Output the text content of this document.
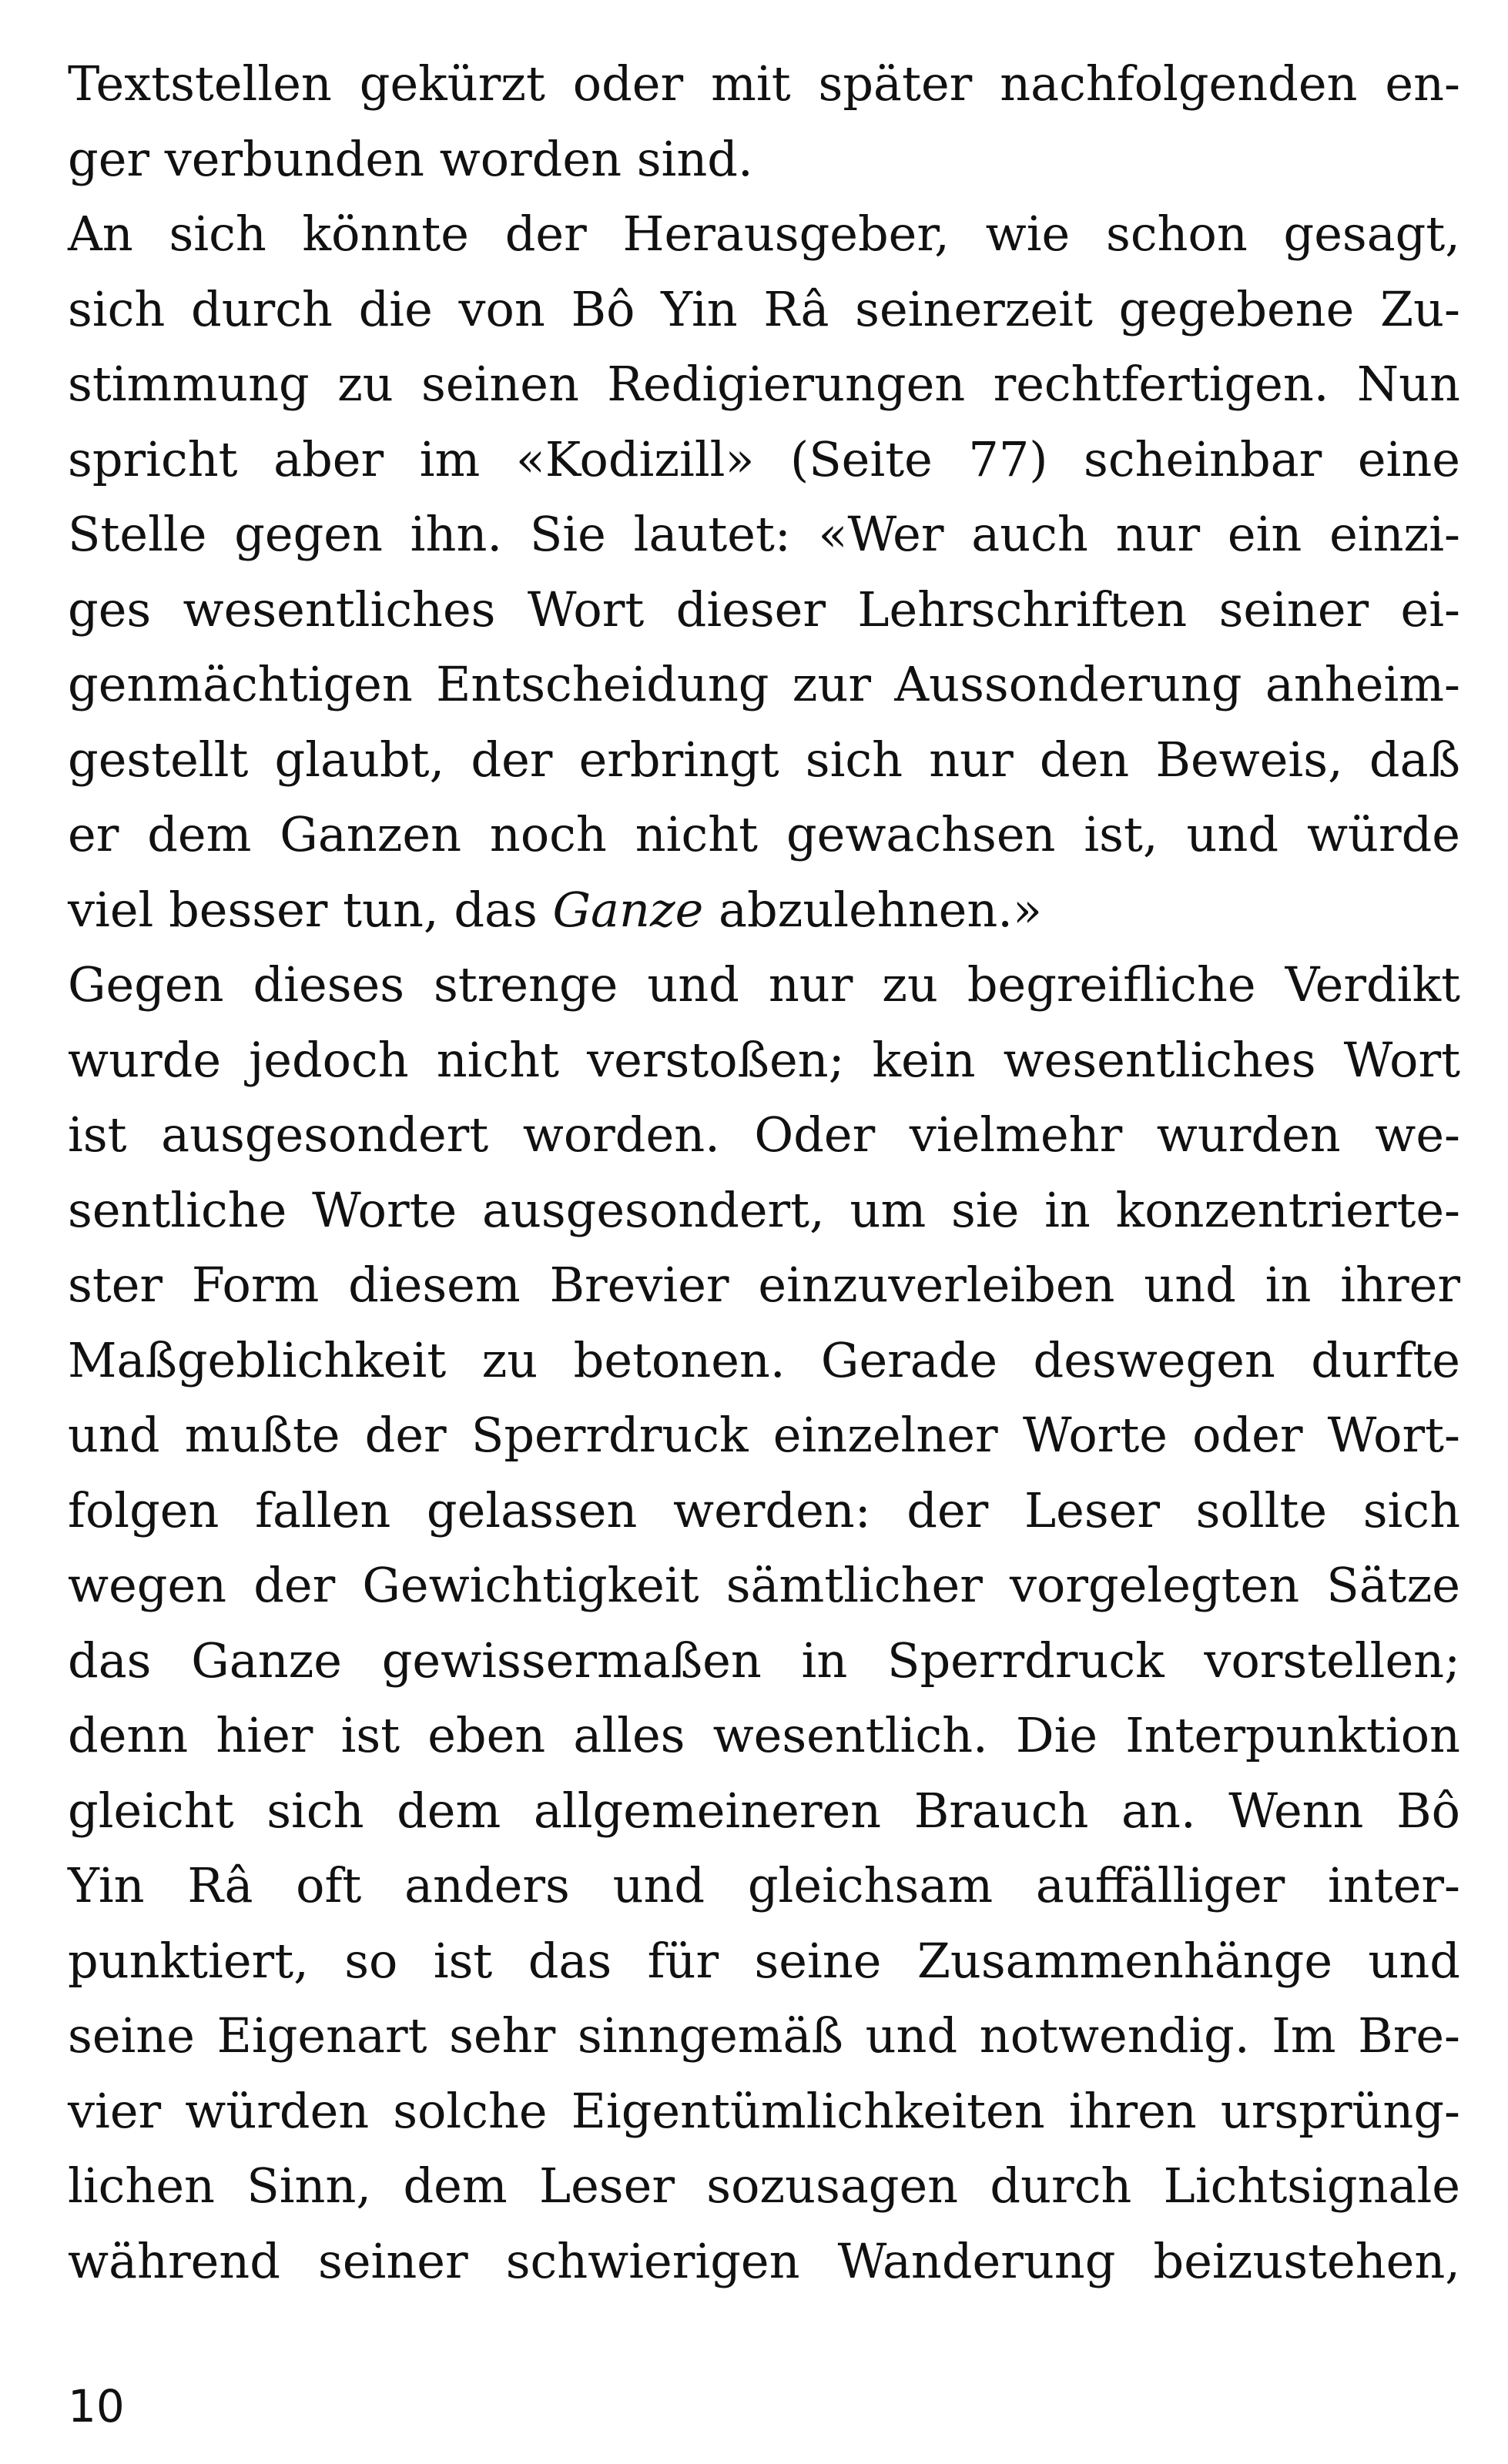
Textstellen gekürzt oder mit später nachfolgenden en-
ger verbunden worden sind.
An sich könnte der Herausgeber, wie schon gesagt,
sich durch die von Bô Yin Râ seinerzeit gegebene Zu-
stimmung zu seinen Redigierungen rechtfertigen. Nun
spricht aber im «Kodizill» (Seite 77) scheinbar eine
Stelle gegen ihn. Sie lautet: «Wer auch nur ein einzi-
ges wesentliches Wort dieser Lehrschriften seiner ei-
genmächtigen Entscheidung zur Aussonderung anheim-
gestellt glaubt, der erbringt sich nur den Beweis, daß
er dem Ganzen noch nicht gewachsen ist, und würde
viel besser tun, das Ganze abzulehnen.»
Gegen dieses strenge und nur zu begreifliche Verdikt
wurde jedoch nicht verstoßen; kein wesentliches Wort
ist ausgesondert worden. Oder vielmehr wurden we-
sentliche Worte ausgesondert, um sie in konzentrierte-
ster Form diesem Brevier einzuverleiben und in ihrer
Maßgeblichkeit zu betonen. Gerade deswegen durfte
und mußte der Sperrdruck einzelner Worte oder Wort-
folgen fallen gelassen werden: der Leser sollte sich
wegen der Gewichtigkeit sämtlicher vorgelegten Sätze
das Ganze gewissermaßen in Sperrdruck vorstellen;
denn hier ist eben alles wesentlich. Die Interpunktion
gleicht sich dem allgemeineren Brauch an. Wenn Bô
Yin Râ oft anders und gleichsam auffälliger inter-
punktiert, so ist das für seine Zusammenhänge und
seine Eigenart sehr sinngemäß und notwendig. Im Bre-
vier würden solche Eigentümlichkeiten ihren ursprüng-
lichen Sinn, dem Leser sozusagen durch Lichtsignale
während seiner schwierigen Wanderung beizustehen,
10
